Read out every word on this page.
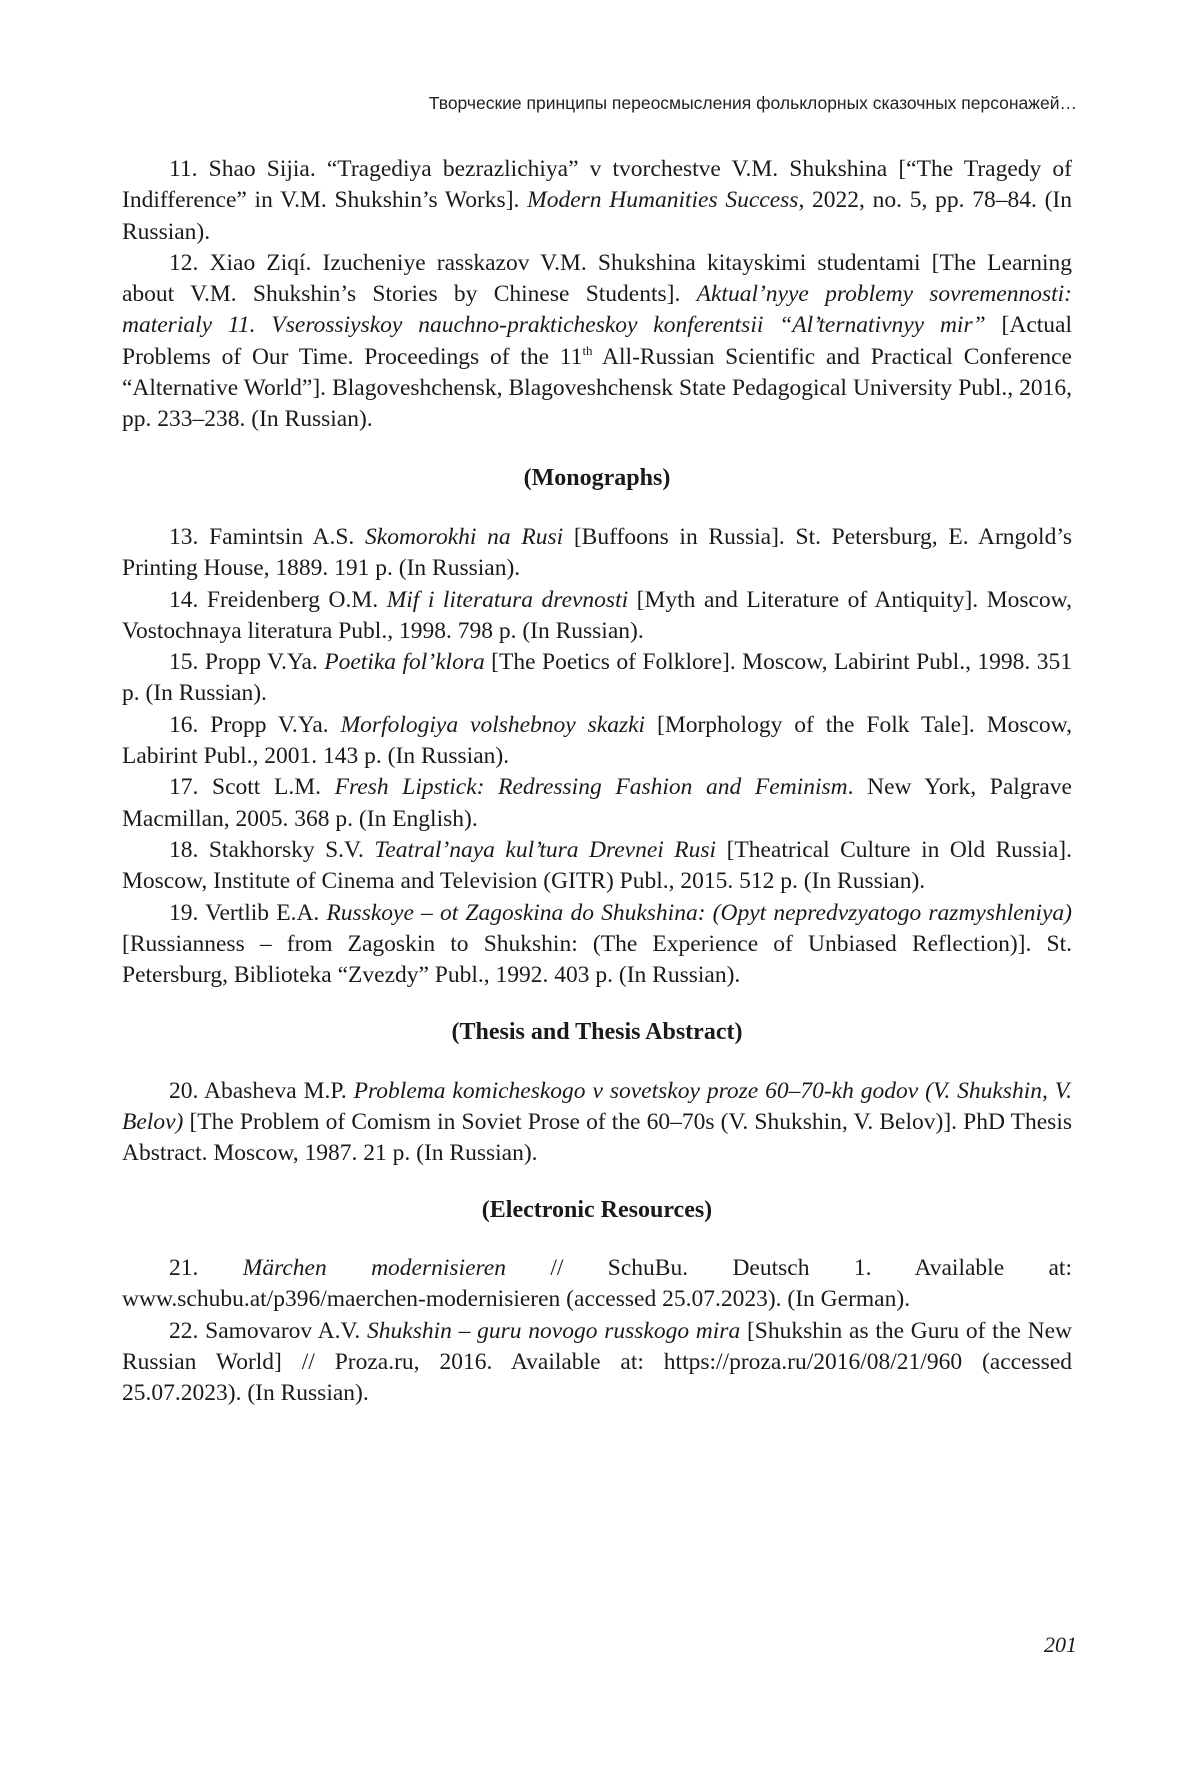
Творческие принципы переосмысления фольклорных сказочных персонажей…

11. Shao Sijia. “Tragediya bezrazlichiya” v tvorchestve V.M. Shukshina [“The Tragedy of Indifference” in V.M. Shukshin’s Works]. Modern Humanities Success, 2022, no. 5, pp. 78–84. (In Russian).

12. Xiao Ziqí. Izucheniye rasskazov V.M. Shukshina kitayskimi studentami [The Learning about V.M. Shukshin’s Stories by Chinese Students]. Aktual’nyye problemy sovremennosti: materialy 11. Vserossiyskoy nauchno-prakticheskoy konferentsii “Al’ternativnyy mir” [Actual Problems of Our Time. Proceedings of the 11th All-Russian Scientific and Practical Conference “Alternative World”]. Blagoveshchensk, Blagoveshchensk State Pedagogical University Publ., 2016, pp. 233–238. (In Russian).

(Monographs)

13. Famintsin A.S. Skomorokhi na Rusi [Buffoons in Russia]. St. Petersburg, E. Arngold’s Printing House, 1889. 191 p. (In Russian).

14. Freidenberg O.M. Mif i literatura drevnosti [Myth and Literature of Antiquity]. Moscow, Vostochnaya literatura Publ., 1998. 798 p. (In Russian).

15. Propp V.Ya. Poetika fol’klora [The Poetics of Folklore]. Moscow, Labirint Publ., 1998. 351 p. (In Russian).

16. Propp V.Ya. Morfologiya volshebnoy skazki [Morphology of the Folk Tale]. Moscow, Labirint Publ., 2001. 143 p. (In Russian).

17. Scott L.M. Fresh Lipstick: Redressing Fashion and Feminism. New York, Palgrave Macmillan, 2005. 368 p. (In English).

18. Stakhorsky S.V. Teatral’naya kul’tura Drevnei Rusi [Theatrical Culture in Old Russia]. Moscow, Institute of Cinema and Television (GITR) Publ., 2015. 512 p. (In Russian).

19. Vertlib E.A. Russkoye – ot Zagoskina do Shukshina: (Opyt nepredvzyatogo razmyshleniya) [Russianness – from Zagoskin to Shukshin: (The Experience of Unbiased Reflection)]. St. Petersburg, Biblioteka “Zvezdy” Publ., 1992. 403 p. (In Russian).

(Thesis and Thesis Abstract)

20. Abasheva M.P. Problema komicheskogo v sovetskoy proze 60–70-kh godov (V. Shukshin, V. Belov) [The Problem of Comism in Soviet Prose of the 60–70s (V. Shukshin, V. Belov)]. PhD Thesis Abstract. Moscow, 1987. 21 p. (In Russian).

(Electronic Resources)

21. Märchen modernisieren // SchuBu. Deutsch 1. Available at: www.schubu.at/p396/maerchen-modernisieren (accessed 25.07.2023). (In German).

22. Samovarov A.V. Shukshin – guru novogo russkogo mira [Shukshin as the Guru of the New Russian World] // Proza.ru, 2016. Available at: https://proza.ru/2016/08/21/960 (accessed 25.07.2023). (In Russian).

201
